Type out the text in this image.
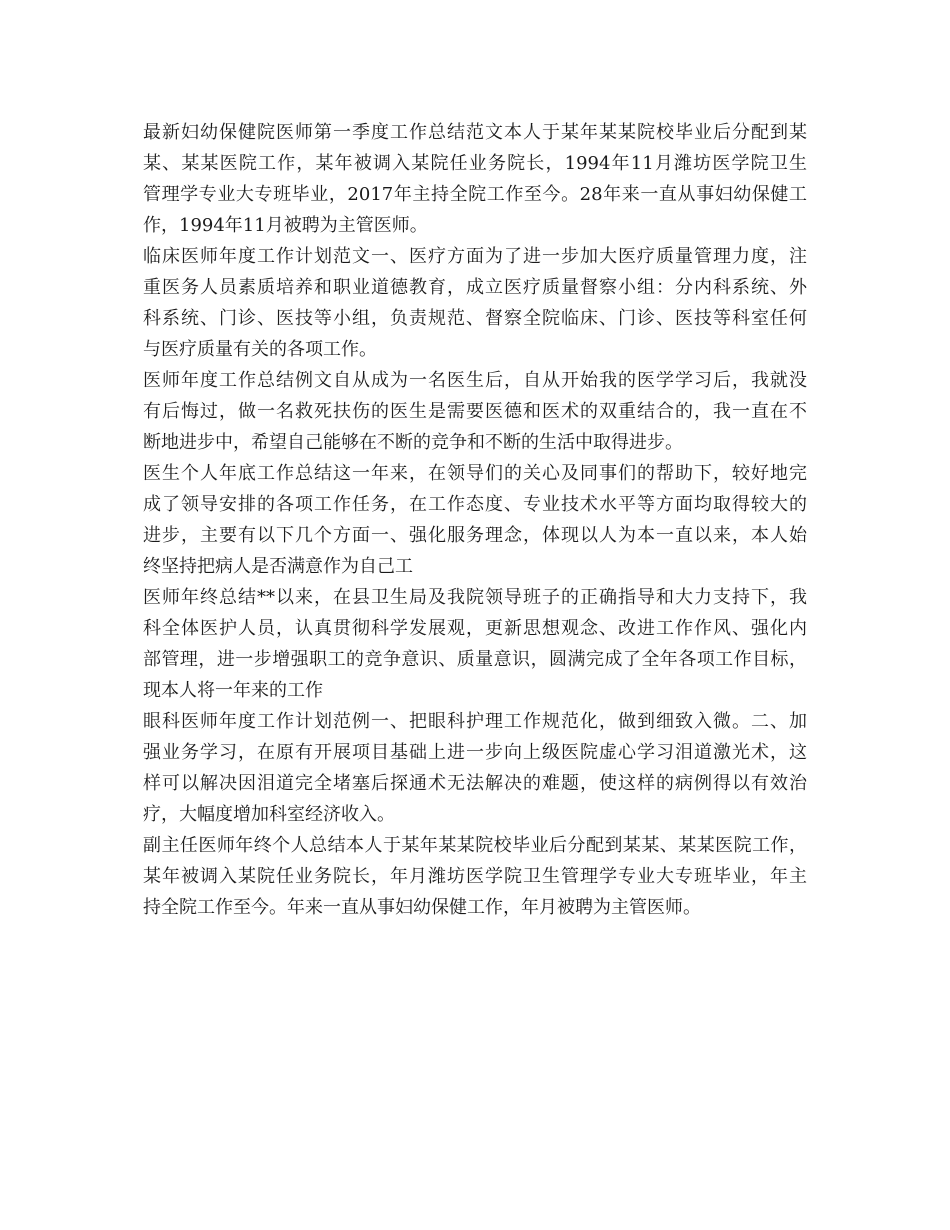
最新妇幼保健院医师第一季度工作总结范文本人于某年某某院校毕业后分配到某
某、某某医院工作，某年被调入某院任业务院长，1994年11月潍坊医学院卫生
管理学专业大专班毕业，2017年主持全院工作至今。28年来一直从事妇幼保健工
作，1994年11月被聘为主管医师。
临床医师年度工作计划范文一、医疗方面为了进一步加大医疗质量管理力度，注
重医务人员素质培养和职业道德教育，成立医疗质量督察小组：分内科系统、外
科系统、门诊、医技等小组，负责规范、督察全院临床、门诊、医技等科室任何
与医疗质量有关的各项工作。
医师年度工作总结例文自从成为一名医生后，自从开始我的医学学习后，我就没
有后悔过，做一名救死扶伤的医生是需要医德和医术的双重结合的，我一直在不
断地进步中，希望自己能够在不断的竞争和不断的生活中取得进步。
医生个人年底工作总结这一年来，在领导们的关心及同事们的帮助下，较好地完
成了领导安排的各项工作任务，在工作态度、专业技术水平等方面均取得较大的
进步，主要有以下几个方面一、强化服务理念，体现以人为本一直以来，本人始
终坚持把病人是否满意作为自己工
医师年终总结**以来，在县卫生局及我院领导班子的正确指导和大力支持下，我
科全体医护人员，认真贯彻科学发展观，更新思想观念、改进工作作风、强化内
部管理，进一步增强职工的竞争意识、质量意识，圆满完成了全年各项工作目标，
现本人将一年来的工作
眼科医师年度工作计划范例一、把眼科护理工作规范化，做到细致入微。二、加
强业务学习，在原有开展项目基础上进一步向上级医院虚心学习泪道激光术，这
样可以解决因泪道完全堵塞后探通术无法解决的难题，使这样的病例得以有效治
疗，大幅度增加科室经济收入。
副主任医师年终个人总结本人于某年某某院校毕业后分配到某某、某某医院工作，
某年被调入某院任业务院长，年月潍坊医学院卫生管理学专业大专班毕业，年主
持全院工作至今。年来一直从事妇幼保健工作，年月被聘为主管医师。
